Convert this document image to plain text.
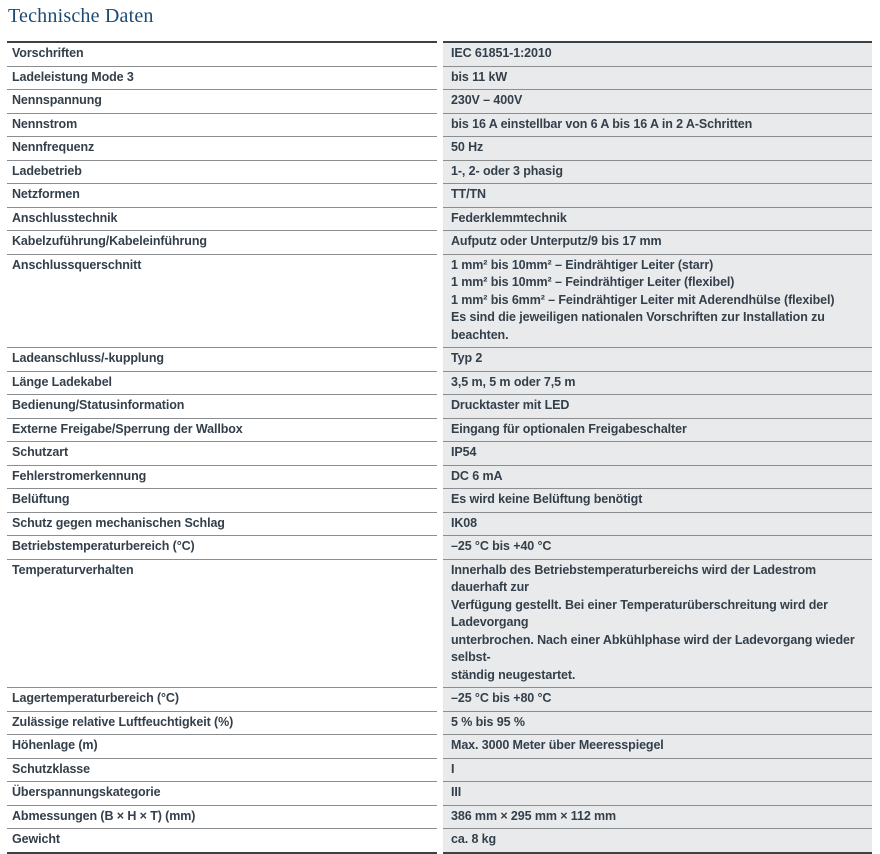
Technische Daten
Vorschriften	IEC 61851-1:2010
Ladeleistung Mode 3	bis 11 kW
Nennspannung	230V – 400V
Nennstrom	bis 16 A einstellbar von 6 A bis 16 A in 2 A-Schritten
Nennfrequenz	50 Hz
Ladebetrieb	1-, 2- oder 3 phasig
Netzformen	TT/TN
Anschlusstechnik	Federklemmtechnik
Kabelzuführung/Kabeleinführung	Aufputz oder Unterputz/9 bis 17 mm
Anschlussquerschnitt	1 mm² bis 10mm² – Eindrähtiger Leiter (starr)
1 mm² bis 10mm² – Feindrähtiger Leiter (flexibel)
1 mm² bis 6mm² – Feindrähtiger Leiter mit Aderendhülse (flexibel)
Es sind die jeweiligen nationalen Vorschriften zur Installation zu beachten.
Ladeanschluss/-kupplung	Typ 2
Länge Ladekabel	3,5 m, 5 m oder 7,5 m
Bedienung/Statusinformation	Drucktaster mit LED
Externe Freigabe/Sperrung der Wallbox	Eingang für optionalen Freigabeschalter
Schutzart	IP54
Fehlerstromerkennung	DC 6 mA
Belüftung	Es wird keine Belüftung benötigt
Schutz gegen mechanischen Schlag	IK08
Betriebstemperaturbereich (°C)	–25 °C bis +40 °C
Temperaturverhalten	Innerhalb des Betriebstemperaturbereichs wird der Ladestrom dauerhaft zur
Verfügung gestellt. Bei einer Temperaturüberschreitung wird der Ladevorgang
unterbrochen. Nach einer Abkühlphase wird der Ladevorgang wieder selbst-
ständig neugestartet.
Lagertemperaturbereich (°C)	–25 °C bis +80 °C
Zulässige relative Luftfeuchtigkeit (%)	5 % bis 95 %
Höhenlage (m)	Max. 3000 Meter über Meeresspiegel
Schutzklasse	I
Überspannungskategorie	III
Abmessungen (B × H × T) (mm)	386 mm × 295 mm × 112 mm
Gewicht	ca. 8 kg
